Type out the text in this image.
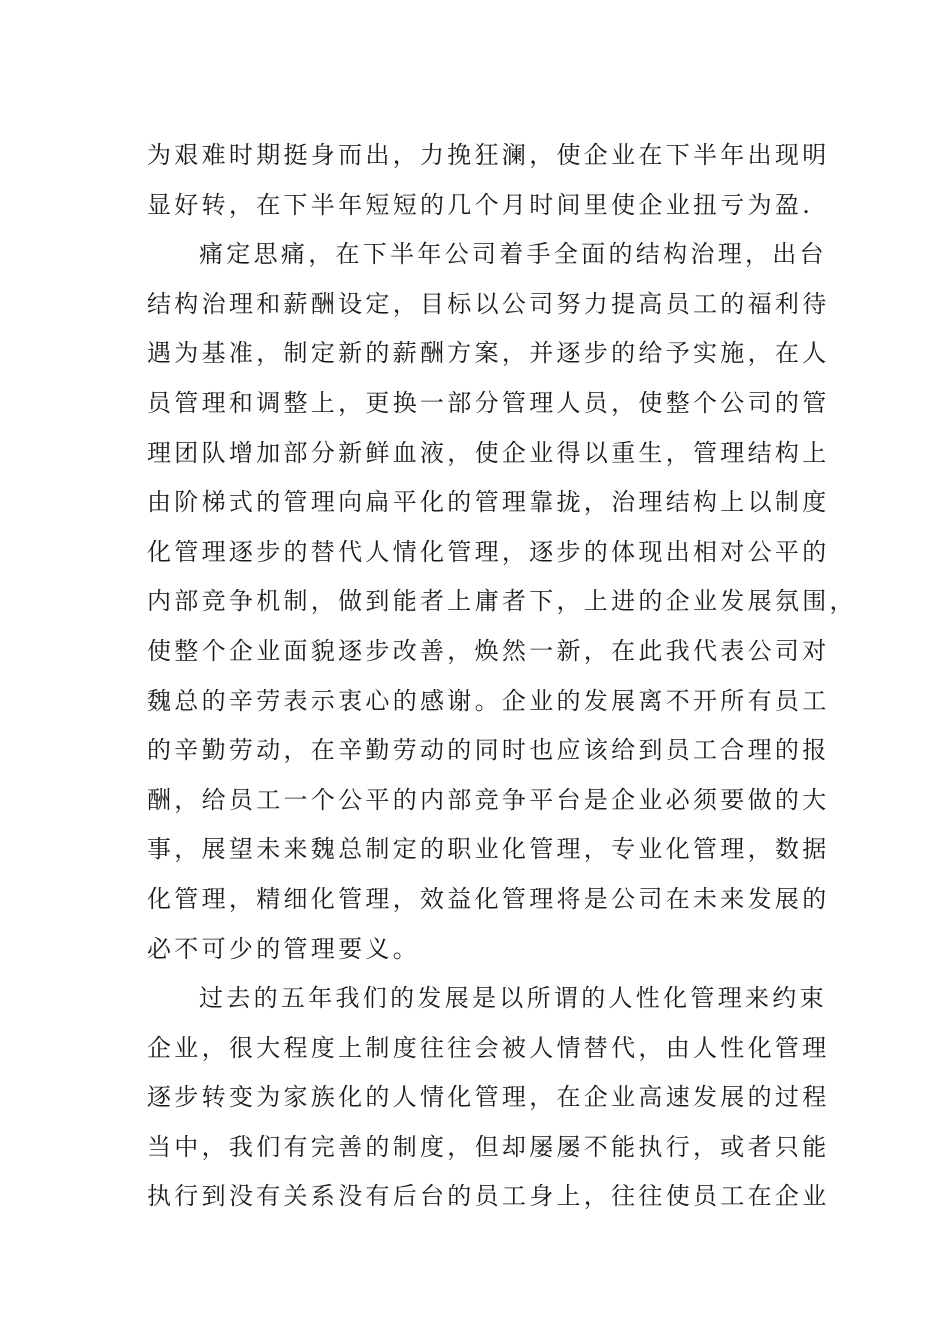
为艰难时期挺身而出，力挽狂澜，使企业在下半年出现明
显好转，在下半年短短的几个月时间里使企业扭亏为盈.
痛定思痛，在下半年公司着手全面的结构治理，出台
结构治理和薪酬设定，目标以公司努力提高员工的福利待
遇为基准，制定新的薪酬方案，并逐步的给予实施，在人
员管理和调整上，更换一部分管理人员，使整个公司的管
理团队增加部分新鲜血液，使企业得以重生，管理结构上
由阶梯式的管理向扁平化的管理靠拢，治理结构上以制度
化管理逐步的替代人情化管理，逐步的体现出相对公平的
内部竞争机制，做到能者上庸者下，上进的企业发展氛围，
使整个企业面貌逐步改善，焕然一新，在此我代表公司对
魏总的辛劳表示衷心的感谢。企业的发展离不开所有员工
的辛勤劳动，在辛勤劳动的同时也应该给到员工合理的报
酬，给员工一个公平的内部竞争平台是企业必须要做的大
事，展望未来魏总制定的职业化管理，专业化管理，数据
化管理，精细化管理，效益化管理将是公司在未来发展的
必不可少的管理要义。
过去的五年我们的发展是以所谓的人性化管理来约束
企业，很大程度上制度往往会被人情替代，由人性化管理
逐步转变为家族化的人情化管理，在企业高速发展的过程
当中，我们有完善的制度，但却屡屡不能执行，或者只能
执行到没有关系没有后台的员工身上，往往使员工在企业
